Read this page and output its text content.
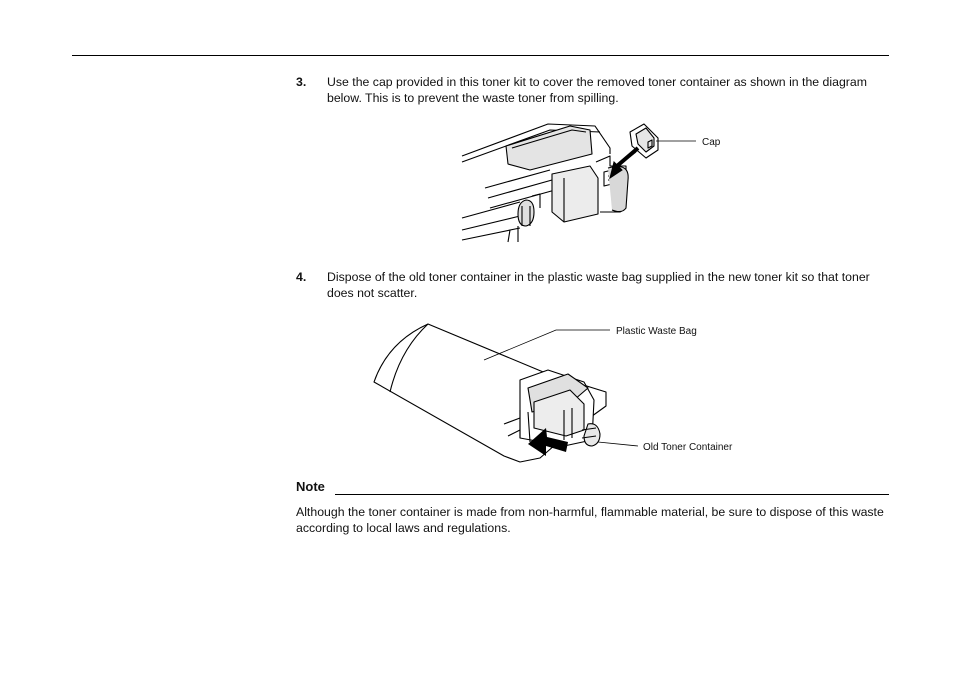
3. Use the cap provided in this toner kit to cover the removed toner container as shown in the diagram below. This is to prevent the waste toner from spilling.
Cap
4. Dispose of the old toner container in the plastic waste bag supplied in the new toner kit so that toner does not scatter.
Plastic Waste Bag
Old Toner Container
Note
Although the toner container is made from non-harmful, flammable material, be sure to dispose of this waste according to local laws and regulations.
